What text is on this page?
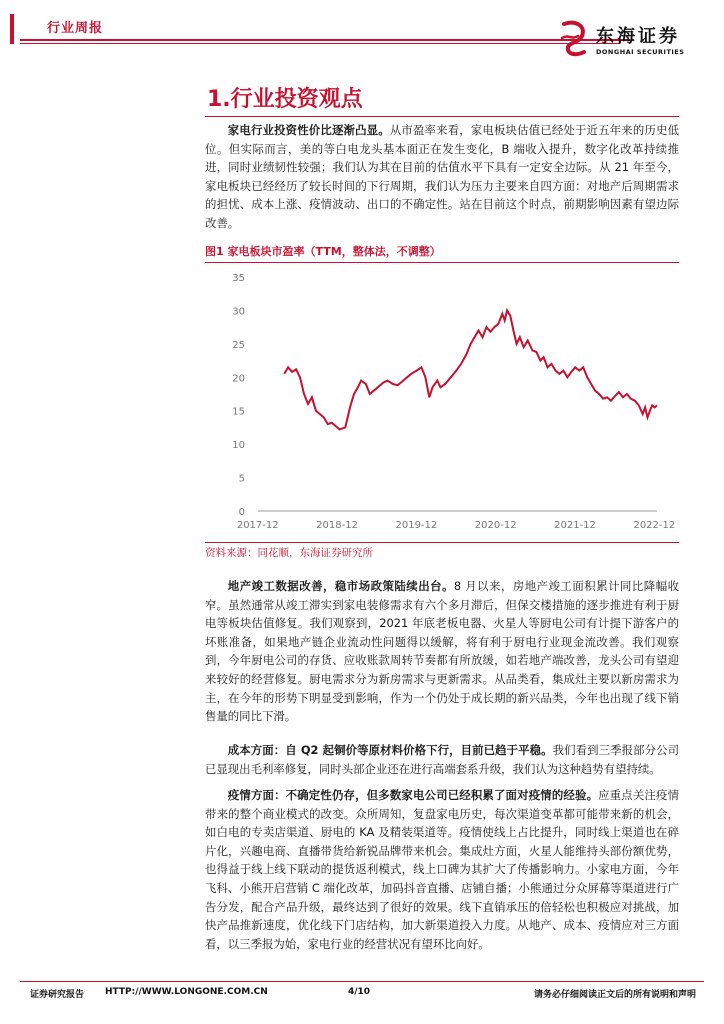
行业周报	东海证券
DONGHAI SECURITIES
1.行业投资观点
家电行业投资性价比逐渐凸显。从市盈率来看，家电板块估值已经处于近五年来的历史低位。但实际而言，美的等白电龙头基本面正在发生变化，B 端收入提升，数字化改革持续推进，同时业绩韧性较强；我们认为其在目前的估值水平下具有一定安全边际。从 21 年至今，家电板块已经经历了较长时间的下行周期，我们认为压力主要来自四方面：对地产后周期需求的担忧、成本上涨、疫情波动、出口的不确定性。站在目前这个时点，前期影响因素有望边际改善。
图1 家电板块市盈率（TTM，整体法，不调整）
0
5
10
15
20
25
30
35
2017-12	2018-12	2019-12	2020-12	2021-12	2022-12
资料来源：同花顺，东海证券研究所
地产竣工数据改善，稳市场政策陆续出台。8 月以来，房地产竣工面积累计同比降幅收窄。虽然通常从竣工滞实到家电装修需求有六个多月滞后，但保交楼措施的逐步推进有利于厨电等板块估值修复。我们观察到，2021 年底老板电器、火星人等厨电公司有计提下游客户的坏账准备，如果地产链企业流动性问题得以缓解，将有利于厨电行业现金流改善。我们观察到，今年厨电公司的存货、应收账款周转节奏都有所放缓，如若地产端改善，龙头公司有望迎来较好的经营修复。厨电需求分为新房需求与更新需求。从品类看，集成灶主要以新房需求为主，在今年的形势下明显受到影响，作为一个仍处于成长期的新兴品类，今年也出现了线下销售量的同比下滑。
成本方面：自 Q2 起铜价等原材料价格下行，目前已趋于平稳。我们看到三季报部分公司已显现出毛利率修复，同时头部企业还在进行高端套系升级，我们认为这种趋势有望持续。
疫情方面：不确定性仍存，但多数家电公司已经积累了面对疫情的经验。应重点关注疫情带来的整个商业模式的改变。众所周知，复盘家电历史，每次渠道变革都可能带来新的机会，如白电的专卖店渠道、厨电的 KA 及精装渠道等。疫情使线上占比提升，同时线上渠道也在碎片化，兴趣电商、直播带货给新锐品牌带来机会。集成灶方面，火星人能维持头部份额优势，也得益于线上线下联动的提货返利模式，线上口碑为其扩大了传播影响力。小家电方面，今年飞科、小熊开启营销 C 端化改革，加码抖音直播、店铺自播；小熊通过分众屏幕等渠道进行广告分发，配合产品升级，最终达到了很好的效果。线下直销承压的倍轻松也积极应对挑战，加快产品推新速度，优化线下门店结构，加大新渠道投入力度。从地产、成本、疫情应对三方面看，以三季报为始，家电行业的经营状况有望环比向好。
证券研究报告 HTTP://WWW.LONGONE.COM.CN	4/10	请务必仔细阅读正文后的所有说明和声明
